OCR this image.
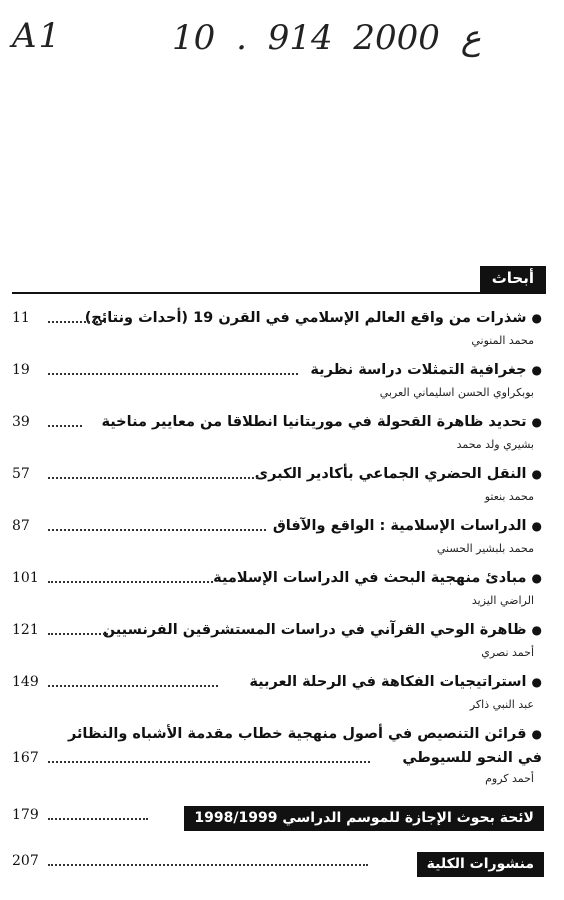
A1	10 . ع 2000 914
أبحاث
●شذرات من واقع العالم الإسلامي في القرن 19 (أحداث ونتائج)
11
محمد المنوني
●جغرافية التمثلات دراسة نظرية
19
بوبكراوي الحسن اسليماني العربي
●تحديد ظاهرة القحولة في موريتانيا انطلاقا من معايير مناخية
39
بشيري ولد محمد
●النقل الحضري الجماعي بأكادير الكبرى
57
محمد بنعتو
●الدراسات الإسلامية : الواقع والآفاق
87
محمد بلبشير الحسني
●مبادئ منهجية البحث في الدراسات الإسلامية
101
الراضي اليزيد
●ظاهرة الوحي القرآني في دراسات المستشرقين الفرنسيين
121
أحمد نصري
●استراتيجيات الفكاهة في الرحلة العربية
149
عبد النبي ذاكر
●قرائن التنصيص في أصول منهجية خطاب مقدمة الأشباه والنظائر
في النحو للسيوطي
167
أحمد كروم
لائحة بحوث الإجازة للموسم الدراسي 1998/1999
179
منشورات الكلية
207
